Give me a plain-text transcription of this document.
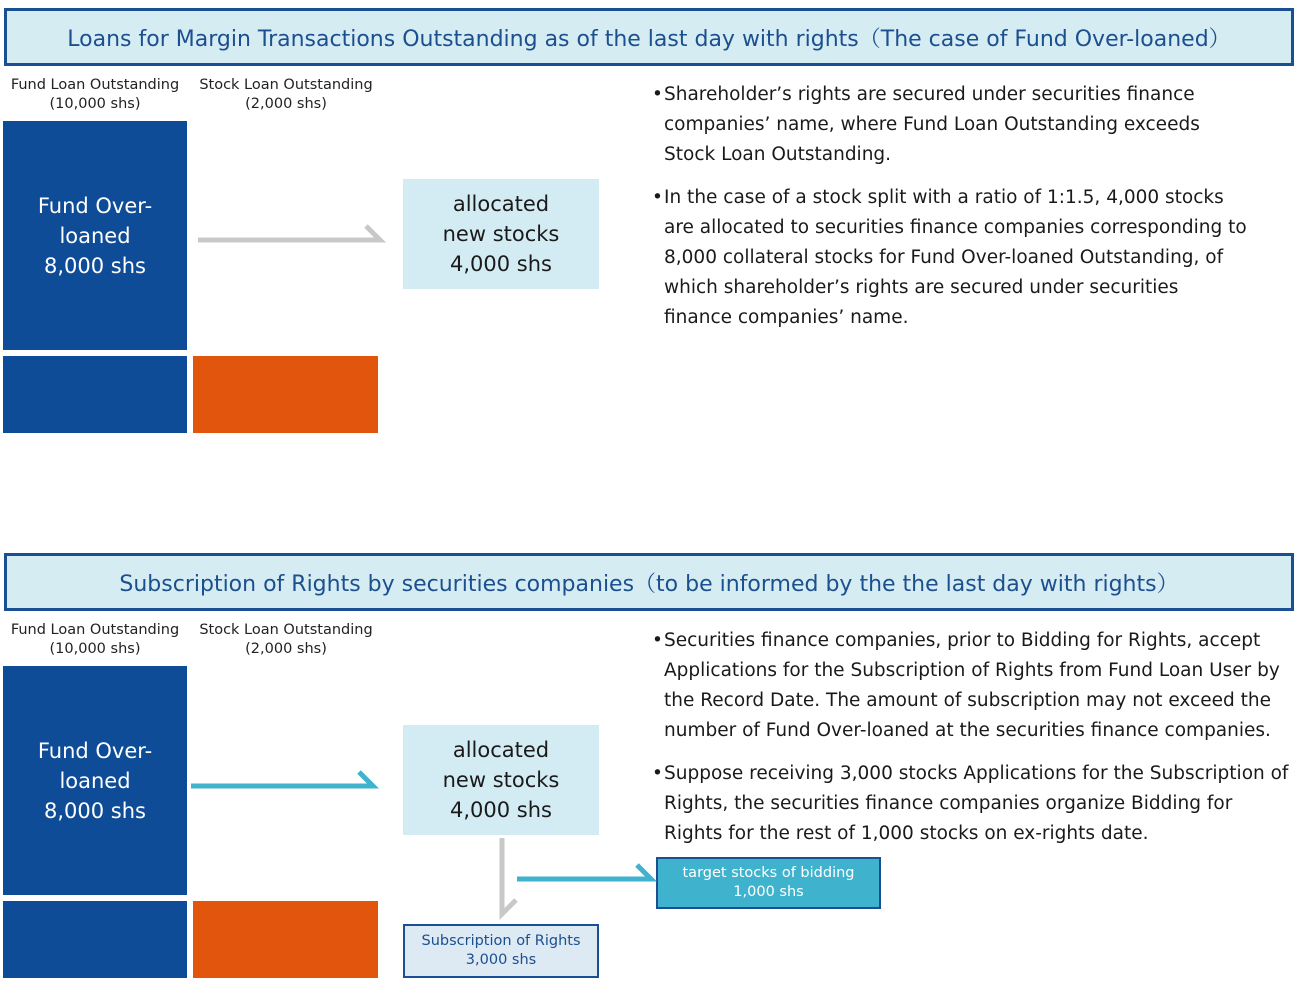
Loans for Margin Transactions Outstanding as of the last day with rights（The case of Fund Over-loaned）
Fund Loan Outstanding
(10,000 shs)
Stock Loan Outstanding
(2,000 shs)
Fund Over-
loaned
8,000 shs
allocated
new stocks
4,000 shs
• Shareholder’s rights are secured under securities finance companies’ name, where Fund Loan Outstanding exceeds Stock Loan Outstanding.
• In the case of a stock split with a ratio of 1:1.5, 4,000 stocks are allocated to securities finance companies corresponding to 8,000 collateral stocks for Fund Over-loaned Outstanding, of which shareholder’s rights are secured under securities finance companies’ name.
Subscription of Rights by securities companies（to be informed by the the last day with rights）
Fund Loan Outstanding
(10,000 shs)
Stock Loan Outstanding
(2,000 shs)
Fund Over-
loaned
8,000 shs
allocated
new stocks
4,000 shs
target stocks of bidding
1,000 shs
Subscription of Rights
3,000 shs
• Securities finance companies, prior to Bidding for Rights, accept Applications for the Subscription of Rights from Fund Loan User by the Record Date. The amount of subscription may not exceed the number of Fund Over-loaned at the securities finance companies.
• Suppose receiving 3,000 stocks Applications for the Subscription of Rights, the securities finance companies organize Bidding for Rights for the rest of 1,000 stocks on ex-rights date.
